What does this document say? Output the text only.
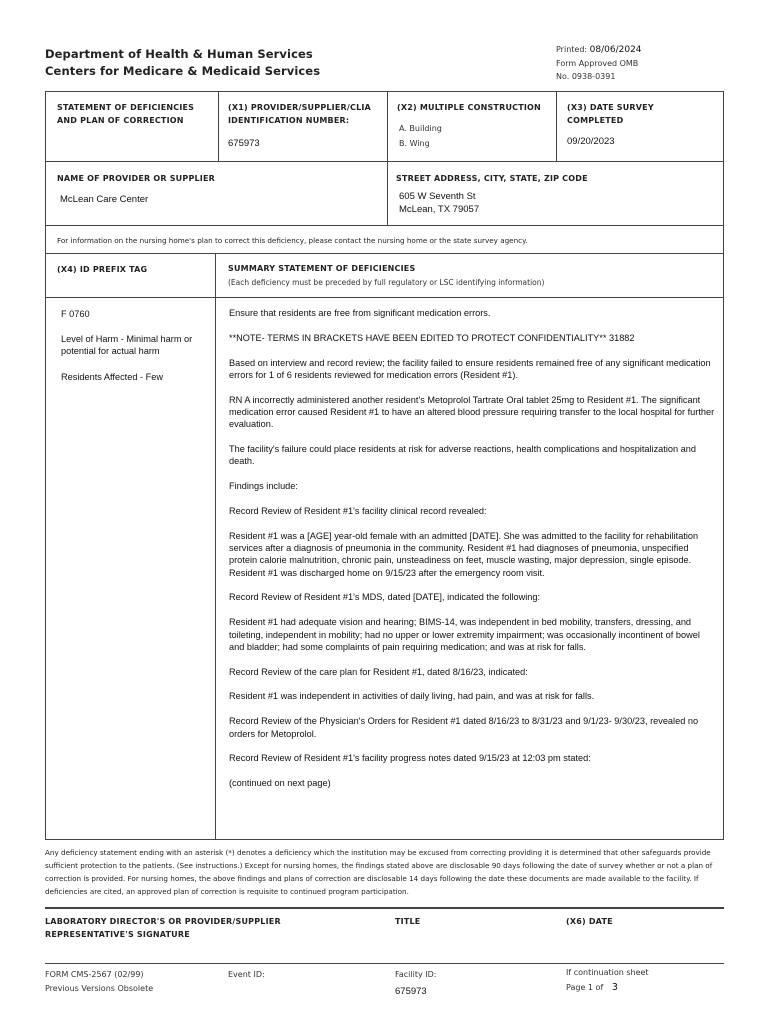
Department of Health & Human Services
Centers for Medicare & Medicaid Services
Printed: 08/06/2024
Form Approved OMB
No. 0938-0391
STATEMENT OF DEFICIENCIES
AND PLAN OF CORRECTION
(X1) PROVIDER/SUPPLIER/CLIA
IDENTIFICATION NUMBER:
675973
(X2) MULTIPLE CONSTRUCTION
A. Building
B. Wing
(X3) DATE SURVEY
COMPLETED
09/20/2023
NAME OF PROVIDER OR SUPPLIER
McLean Care Center
STREET ADDRESS, CITY, STATE, ZIP CODE
605 W Seventh St
McLean, TX 79057
For information on the nursing home's plan to correct this deficiency, please contact the nursing home or the state survey agency.
(X4) ID PREFIX TAG	SUMMARY STATEMENT OF DEFICIENCIES
(Each deficiency must be preceded by full regulatory or LSC identifying information)
F 0760
Level of Harm - Minimal harm or potential for actual harm
Residents Affected - Few

Ensure that residents are free from significant medication errors.

**NOTE- TERMS IN BRACKETS HAVE BEEN EDITED TO PROTECT CONFIDENTIALITY** 31882

Based on interview and record review; the facility failed to ensure residents remained free of any significant medication errors for 1 of 6 residents reviewed for medication errors (Resident #1).

RN A incorrectly administered another resident's Metoprolol Tartrate Oral tablet 25mg to Resident #1. The significant medication error caused Resident #1 to have an altered blood pressure requiring transfer to the local hospital for further evaluation.

The facility's failure could place residents at risk for adverse reactions, health complications and hospitalization and death.

Findings include:

Record Review of Resident #1's facility clinical record revealed:

Resident #1 was a [AGE] year-old female with an admitted [DATE]. She was admitted to the facility for rehabilitation services after a diagnosis of pneumonia in the community. Resident #1 had diagnoses of pneumonia, unspecified protein calorie malnutrition, chronic pain, unsteadiness on feet, muscle wasting, major depression, single episode. Resident #1 was discharged home on 9/15/23 after the emergency room visit.

Record Review of Resident #1's MDS, dated [DATE], indicated the following:

Resident #1 had adequate vision and hearing; BIMS-14, was independent in bed mobility, transfers, dressing, and toileting, independent in mobility; had no upper or lower extremity impairment; was occasionally incontinent of bowel and bladder; had some complaints of pain requiring medication; and was at risk for falls.

Record Review of the care plan for Resident #1, dated 8/16/23, indicated:

Resident #1 was independent in activities of daily living, had pain, and was at risk for falls.

Record Review of the Physician's Orders for Resident #1 dated 8/16/23 to 8/31/23 and 9/1/23- 9/30/23, revealed no orders for Metoprolol.

Record Review of Resident #1's facility progress notes dated 9/15/23 at 12:03 pm stated:

(continued on next page)

Any deficiency statement ending with an asterisk (*) denotes a deficiency which the institution may be excused from correcting providing it is determined that other safeguards provide sufficient protection to the patients. (See instructions.) Except for nursing homes, the findings stated above are disclosable 90 days following the date of survey whether or not a plan of correction is provided. For nursing homes, the above findings and plans of correction are disclosable 14 days following the date these documents are made available to the facility. If deficiencies are cited, an approved plan of correction is requisite to continued program participation.
LABORATORY DIRECTOR'S OR PROVIDER/SUPPLIER
REPRESENTATIVE'S SIGNATURE
TITLE	(X6) DATE
FORM CMS-2567 (02/99)
Previous Versions Obsolete
Event ID:	Facility ID:
675973
If continuation sheet
Page 1 of 3
